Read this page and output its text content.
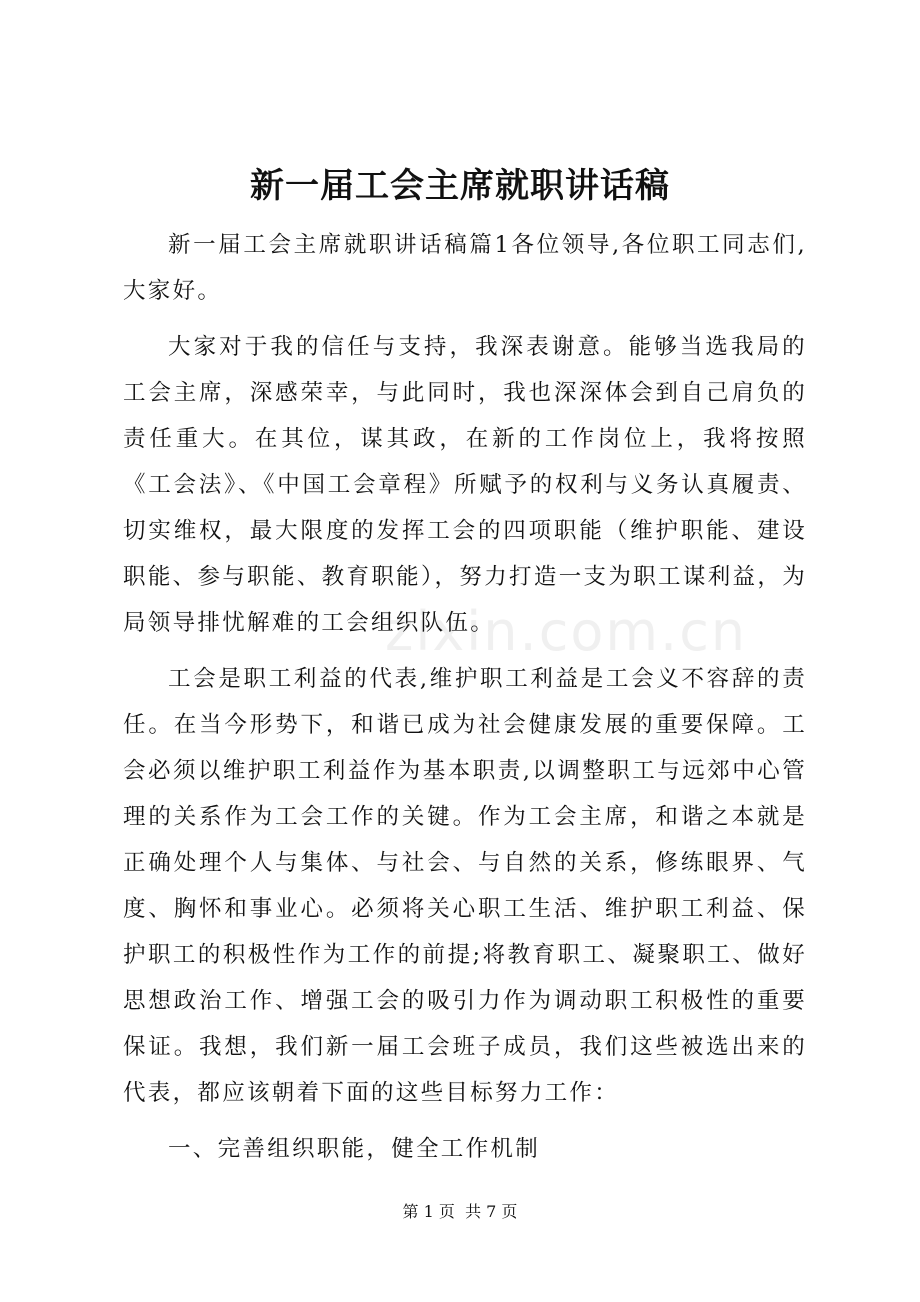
zixin.com.cn
新一届工会主席就职讲话稿

新一届工会主席就职讲话稿篇1各位领导,各位职工同志们,大家好。

大家对于我的信任与支持，我深表谢意。能够当选我局的工会主席，深感荣幸，与此同时，我也深深体会到自己肩负的责任重大。在其位，谋其政，在新的工作岗位上，我将按照《工会法》、《中国工会章程》所赋予的权利与义务认真履责、切实维权，最大限度的发挥工会的四项职能（维护职能、建设职能、参与职能、教育职能），努力打造一支为职工谋利益，为局领导排忧解难的工会组织队伍。

工会是职工利益的代表,维护职工利益是工会义不容辞的责任。在当今形势下，和谐已成为社会健康发展的重要保障。工会必须以维护职工利益作为基本职责,以调整职工与远郊中心管理的关系作为工会工作的关键。作为工会主席，和谐之本就是正确处理个人与集体、与社会、与自然的关系，修练眼界、气度、胸怀和事业心。必须将关心职工生活、维护职工利益、保护职工的积极性作为工作的前提;将教育职工、凝聚职工、做好思想政治工作、增强工会的吸引力作为调动职工积极性的重要保证。我想，我们新一届工会班子成员，我们这些被选出来的代表，都应该朝着下面的这些目标努力工作：

一、完善组织职能，健全工作机制

第 1 页  共 7 页
